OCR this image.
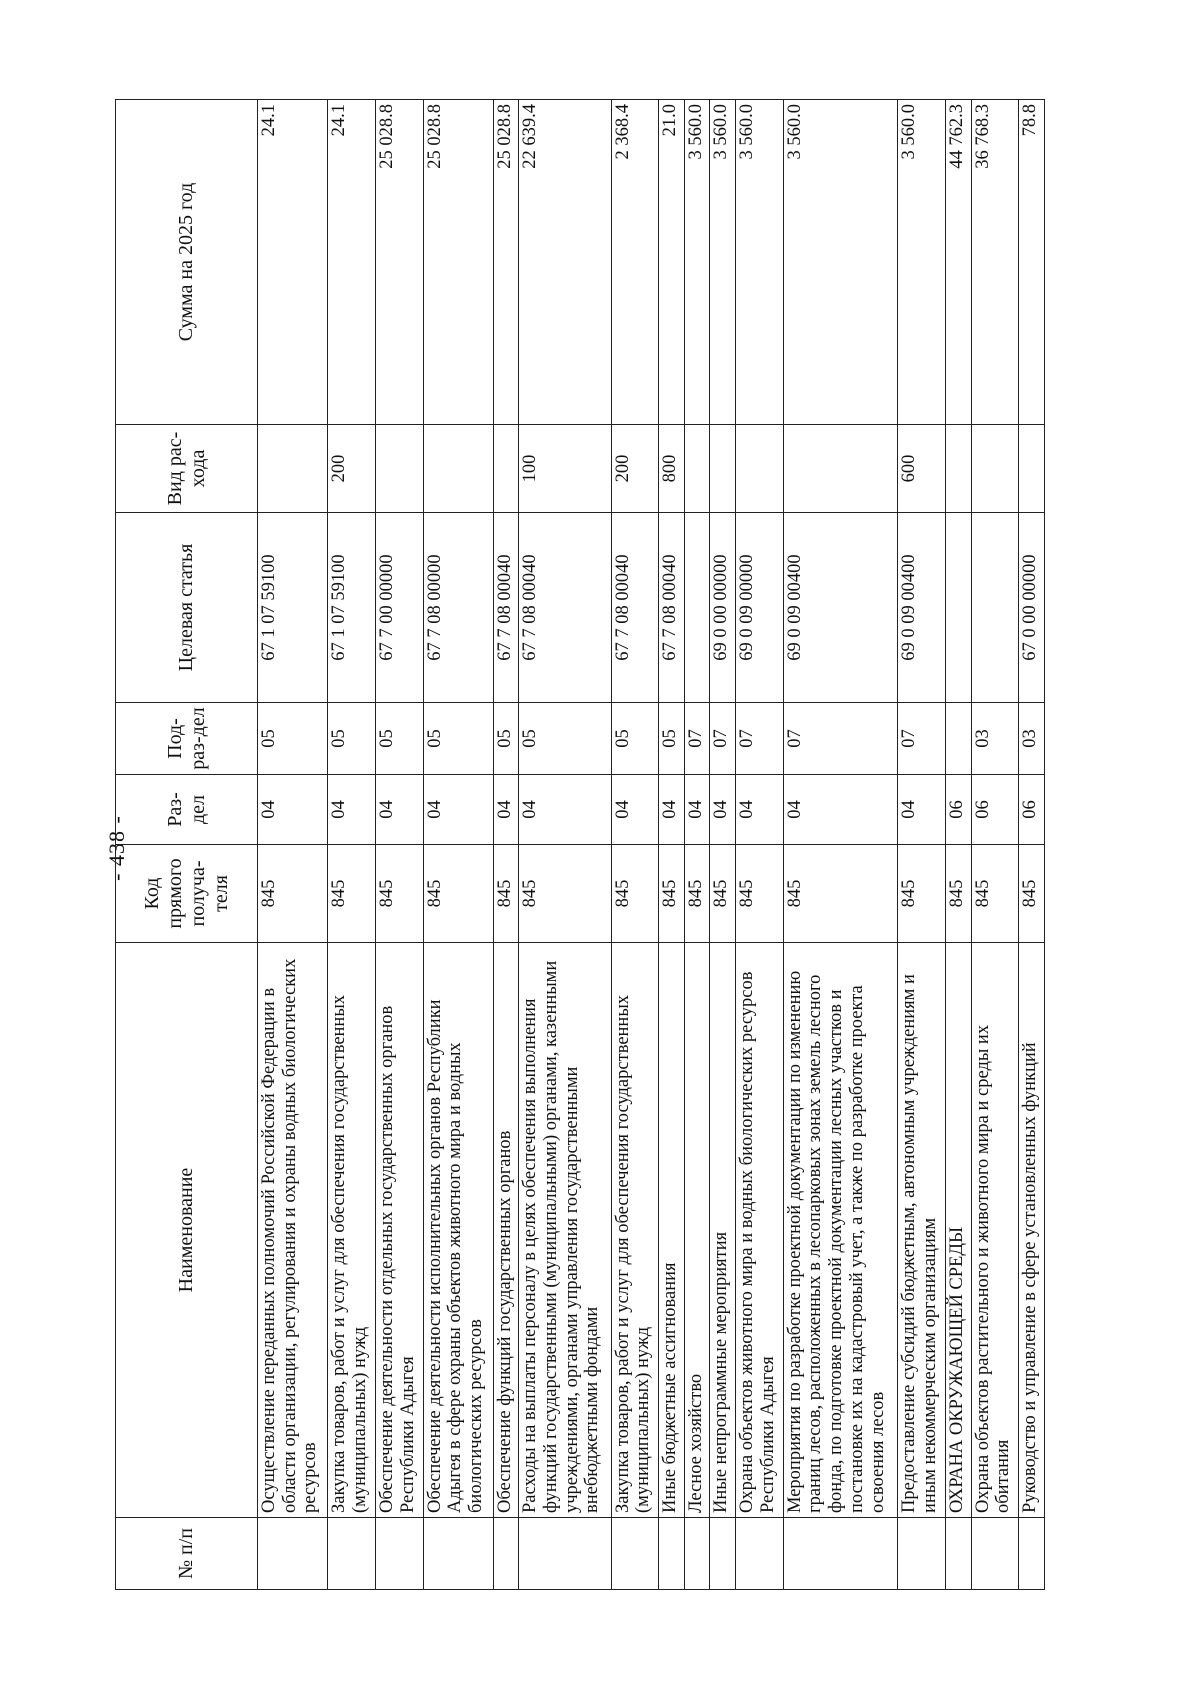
- 438 -
№ п/п	Наименование	Код прямого получа-теля	Раз-дел	Под-раз-дел	Целевая статья	Вид рас-хода	Сумма на 2025 год
	Осуществление переданных полномочий Российской Федерации в области организации, регулирования и охраны водных биологических ресурсов	845	04	05	67 1 07 59100		24.1
	Закупка товаров, работ и услуг для обеспечения государственных (муниципальных) нужд	845	04	05	67 1 07 59100	200	24.1
	Обеспечение деятельности отдельных государственных органов Республики Адыгея	845	04	05	67 7 00 00000		25 028.8
	Обеспечение деятельности исполнительных органов Республики Адыгея в сфере охраны объектов животного мира и водных биологических ресурсов	845	04	05	67 7 08 00000		25 028.8
	Обеспечение функций государственных органов	845	04	05	67 7 08 00040		25 028.8
	Расходы на выплаты персоналу в целях обеспечения выполнения функций государственными (муниципальными) органами, казенными учреждениями, органами управления государственными внебюджетными фондами	845	04	05	67 7 08 00040	100	22 639.4
	Закупка товаров, работ и услуг для обеспечения государственных (муниципальных) нужд	845	04	05	67 7 08 00040	200	2 368.4
	Иные бюджетные ассигнования	845	04	05	67 7 08 00040	800	21.0
	Лесное хозяйство	845	04	07			3 560.0
	Иные непрограммные мероприятия	845	04	07	69 0 00 00000		3 560.0
	Охрана объектов животного мира и водных биологических ресурсов Республики Адыгея	845	04	07	69 0 09 00000		3 560.0
	Мероприятия по разработке проектной документации по изменению границ лесов, расположенных в лесопарковых зонах земель лесного фонда, по подготовке проектной документации лесных участков и постановке их на кадастровый учет, а также по разработке проекта освоения лесов	845	04	07	69 0 09 00400		3 560.0
	Предоставление субсидий бюджетным, автономным учреждениям и иным некоммерческим организациям	845	04	07	69 0 09 00400	600	3 560.0
	ОХРАНА ОКРУЖАЮЩЕЙ СРЕДЫ	845	06				44 762.3
	Охрана объектов растительного и животного мира и среды их обитания	845	06	03			36 768.3
	Руководство и управление в сфере установленных функций	845	06	03	67 0 00 00000		78.8
